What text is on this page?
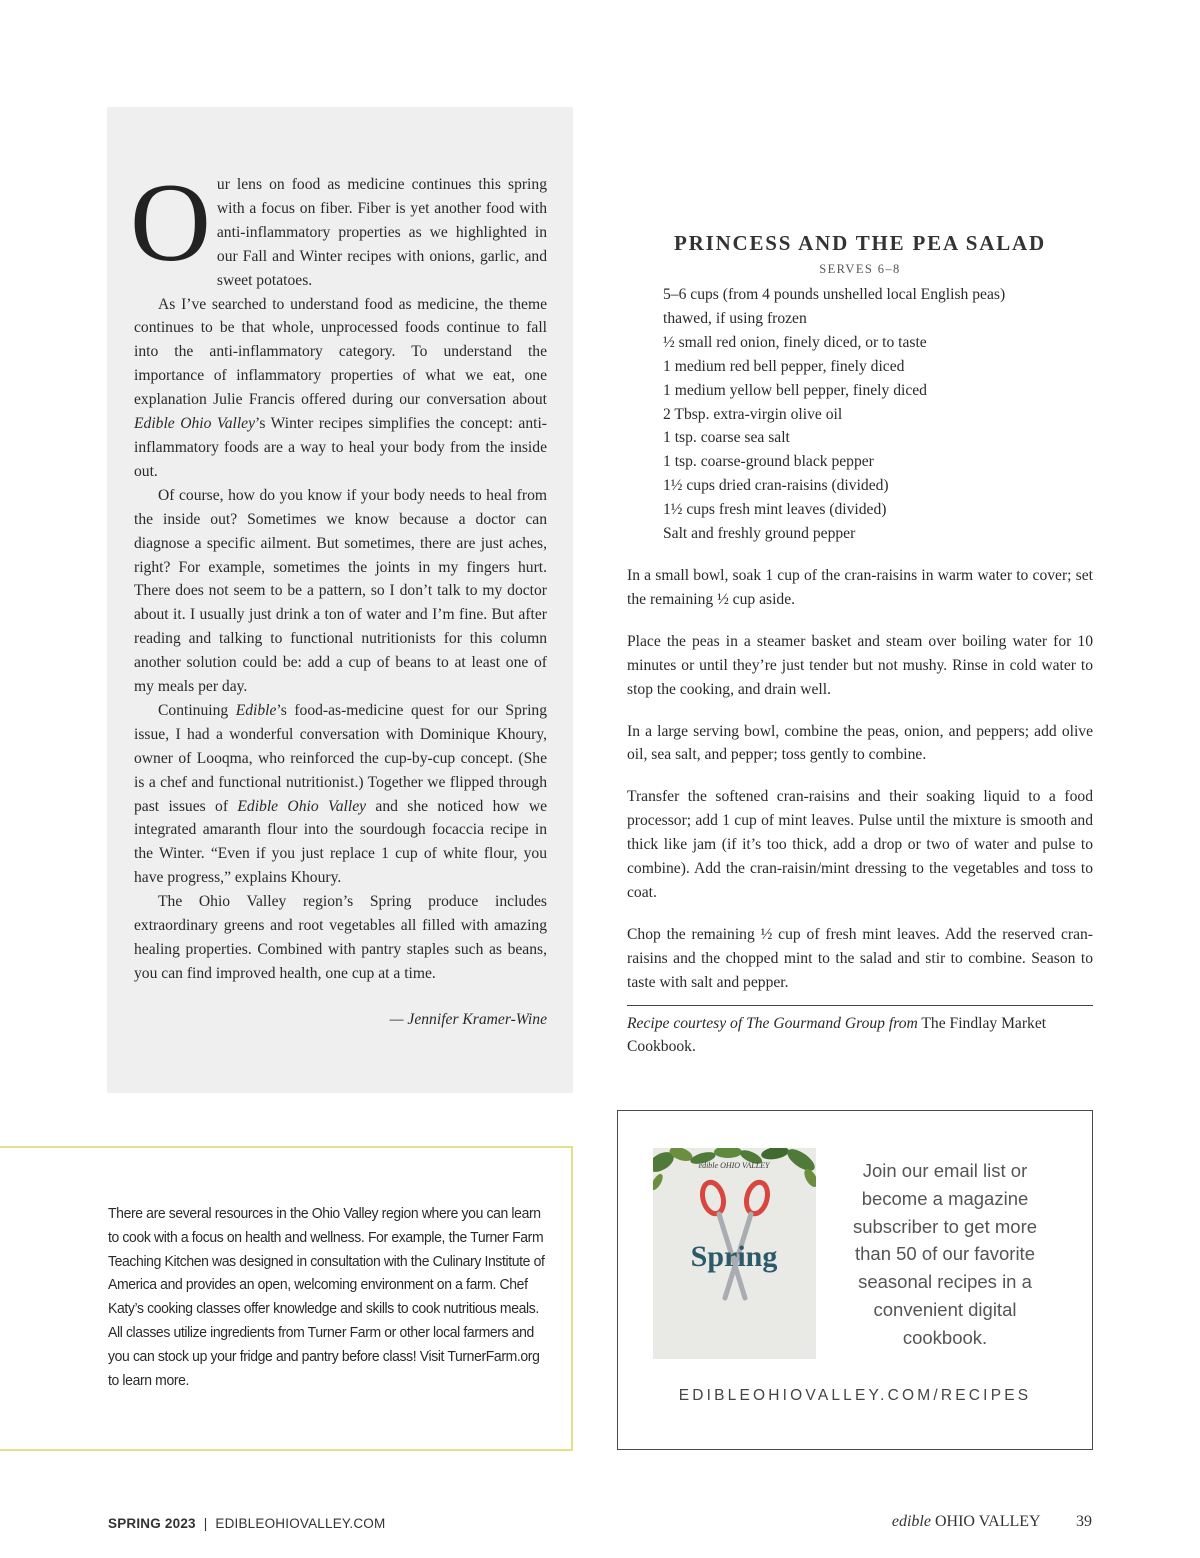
Our lens on food as medicine continues this spring with a focus on fiber. Fiber is yet another food with anti-inflammatory properties as we highlighted in our Fall and Winter recipes with onions, garlic, and sweet potatoes.

As I’ve searched to understand food as medicine, the theme continues to be that whole, unprocessed foods continue to fall into the anti-inflammatory category. To understand the importance of inflammatory properties of what we eat, one explanation Julie Francis offered during our conversation about Edible Ohio Valley’s Winter recipes simplifies the concept: anti-inflammatory foods are a way to heal your body from the inside out.

Of course, how do you know if your body needs to heal from the inside out? Sometimes we know because a doctor can diagnose a specific ailment. But sometimes, there are just aches, right? For example, sometimes the joints in my fingers hurt. There does not seem to be a pattern, so I don’t talk to my doctor about it. I usually just drink a ton of water and I’m fine. But after reading and talking to functional nutritionists for this column another solution could be: add a cup of beans to at least one of my meals per day.

Continuing Edible’s food-as-medicine quest for our Spring issue, I had a wonderful conversation with Dominique Khoury, owner of Looqma, who reinforced the cup-by-cup concept. (She is a chef and functional nutritionist.) Together we flipped through past issues of Edible Ohio Valley and she noticed how we integrated amaranth flour into the sourdough focaccia recipe in the Winter. “Even if you just replace 1 cup of white flour, you have progress,” explains Khoury.

The Ohio Valley region’s Spring produce includes extraordinary greens and root vegetables all filled with amazing healing properties. Combined with pantry staples such as beans, you can find improved health, one cup at a time.

— Jennifer Kramer-Wine
PRINCESS AND THE PEA SALAD
SERVES 6–8
5–6 cups (from 4 pounds unshelled local English peas)
thawed, if using frozen
½ small red onion, finely diced, or to taste
1 medium red bell pepper, finely diced
1 medium yellow bell pepper, finely diced
2 Tbsp. extra-virgin olive oil
1 tsp. coarse sea salt
1 tsp. coarse-ground black pepper
1½ cups dried cran-raisins (divided)
1½ cups fresh mint leaves (divided)
Salt and freshly ground pepper

In a small bowl, soak 1 cup of the cran-raisins in warm water to cover; set the remaining ½ cup aside.

Place the peas in a steamer basket and steam over boiling water for 10 minutes or until they’re just tender but not mushy. Rinse in cold water to stop the cooking, and drain well.

In a large serving bowl, combine the peas, onion, and peppers; add olive oil, sea salt, and pepper; toss gently to combine.

Transfer the softened cran-raisins and their soaking liquid to a food processor; add 1 cup of mint leaves. Pulse until the mixture is smooth and thick like jam (if it’s too thick, add a drop or two of water and pulse to combine). Add the cran-raisin/mint dressing to the vegetables and toss to coat.

Chop the remaining ½ cup of fresh mint leaves. Add the reserved cran-raisins and the chopped mint to the salad and stir to combine. Season to taste with salt and pepper.

Recipe courtesy of The Gourmand Group from The Findlay Market Cookbook.

There are several resources in the Ohio Valley region where you can learn to cook with a focus on health and wellness. For example, the Turner Farm Teaching Kitchen was designed in consultation with the Culinary Institute of America and provides an open, welcoming environment on a farm. Chef Katy’s cooking classes offer knowledge and skills to cook nutritious meals. All classes utilize ingredients from Turner Farm or other local farmers and you can stock up your fridge and pantry before class! Visit TurnerFarm.org to learn more.

edible OHIO VALLEY
Spring
Join our email list or become a magazine subscriber to get more than 50 of our favorite seasonal recipes in a convenient digital cookbook.
EDIBLEOHIOVALLEY.COM/RECIPES
SPRING 2023 | EDIBLEOHIOVALLEY.COM	edible OHIO VALLEY 39
